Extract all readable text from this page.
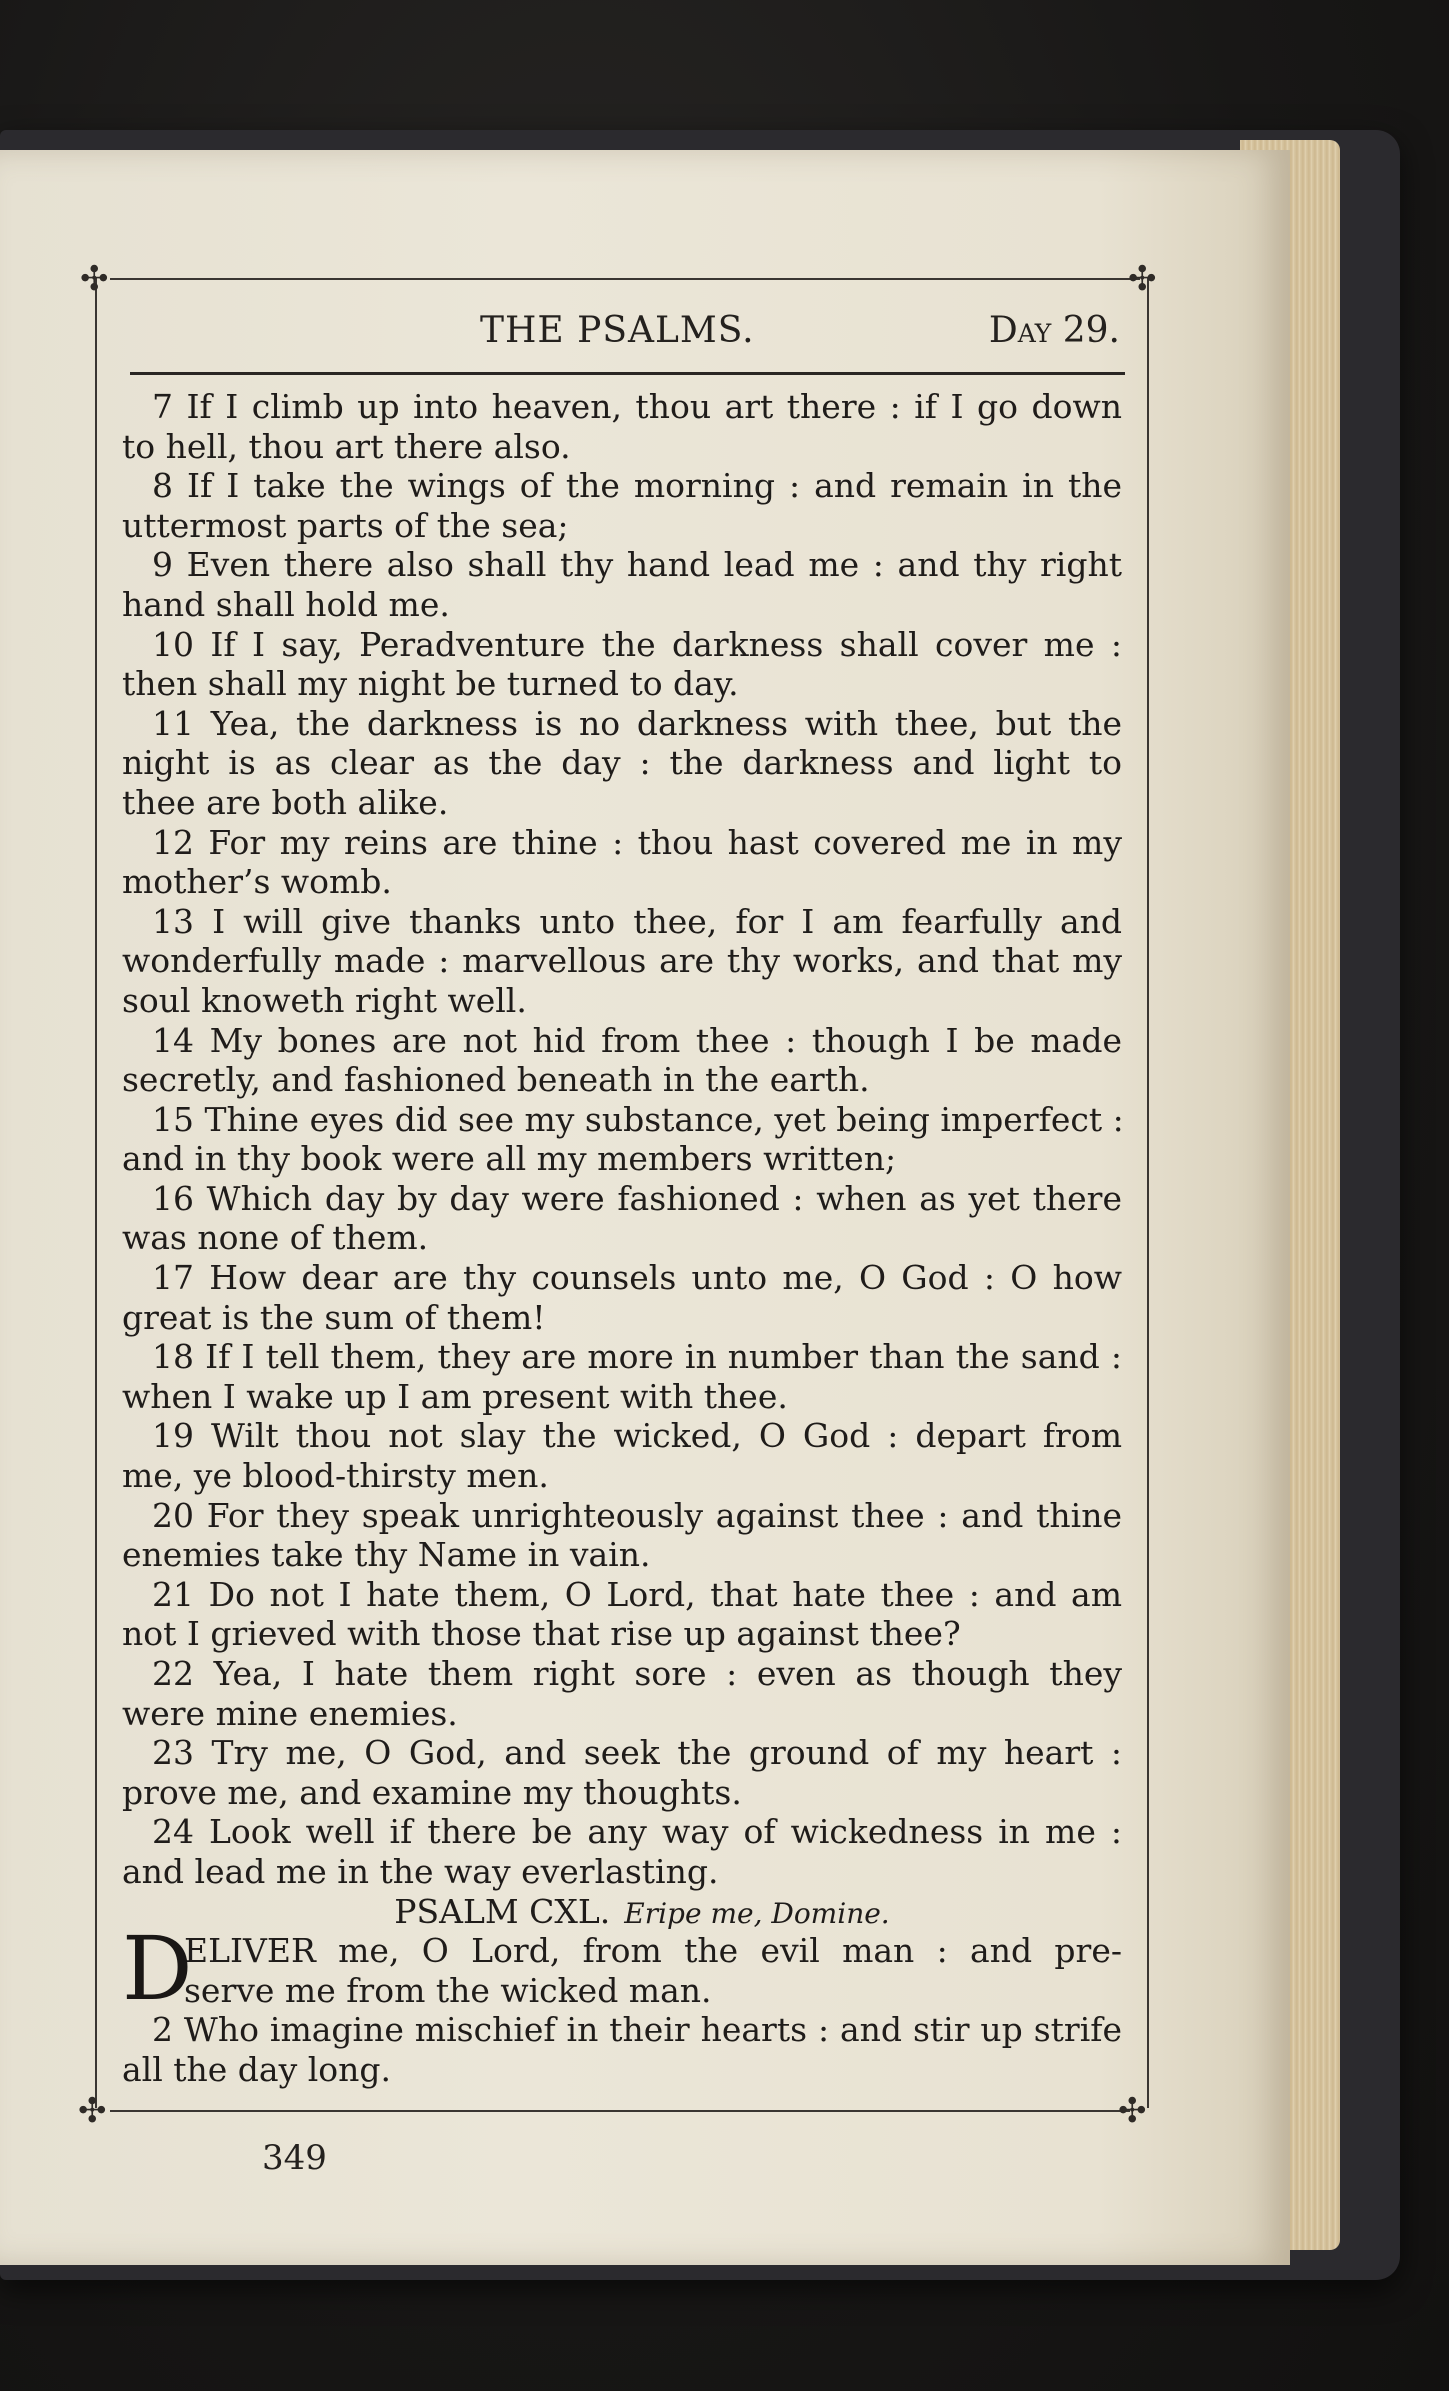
✣	✣
✣	✣
THE PSALMS.	Day 29.
7 If I climb up into heaven, thou art there : if I go down
to hell, thou art there also.
8 If I take the wings of the morning : and remain in the
uttermost parts of the sea;
9 Even there also shall thy hand lead me : and thy right
hand shall hold me.
10 If I say, Peradventure the darkness shall cover me :
then shall my night be turned to day.
11 Yea, the darkness is no darkness with thee, but the
night is as clear as the day : the darkness and light to
thee are both alike.
12 For my reins are thine : thou hast covered me in my
mother’s womb.
13 I will give thanks unto thee, for I am fearfully and
wonderfully made : marvellous are thy works, and that my
soul knoweth right well.
14 My bones are not hid from thee : though I be made
secretly, and fashioned beneath in the earth.
15 Thine eyes did see my substance, yet being imperfect :
and in thy book were all my members written;
16 Which day by day were fashioned : when as yet there
was none of them.
17 How dear are thy counsels unto me, O God : O how
great is the sum of them!
18 If I tell them, they are more in number than the sand :
when I wake up I am present with thee.
19 Wilt thou not slay the wicked, O God : depart from
me, ye blood-thirsty men.
20 For they speak unrighteously against thee : and thine
enemies take thy Name in vain.
21 Do not I hate them, O Lord, that hate thee : and am
not I grieved with those that rise up against thee?
22 Yea, I hate them right sore : even as though they
were mine enemies.
23 Try me, O God, and seek the ground of my heart :
prove me, and examine my thoughts.
24 Look well if there be any way of wickedness in me :
and lead me in the way everlasting.
PSALM CXL. Eripe me, Domine.
D
ELIVER me, O Lord, from the evil man : and pre-
serve me from the wicked man.
2 Who imagine mischief in their hearts : and stir up strife
all the day long.
349
